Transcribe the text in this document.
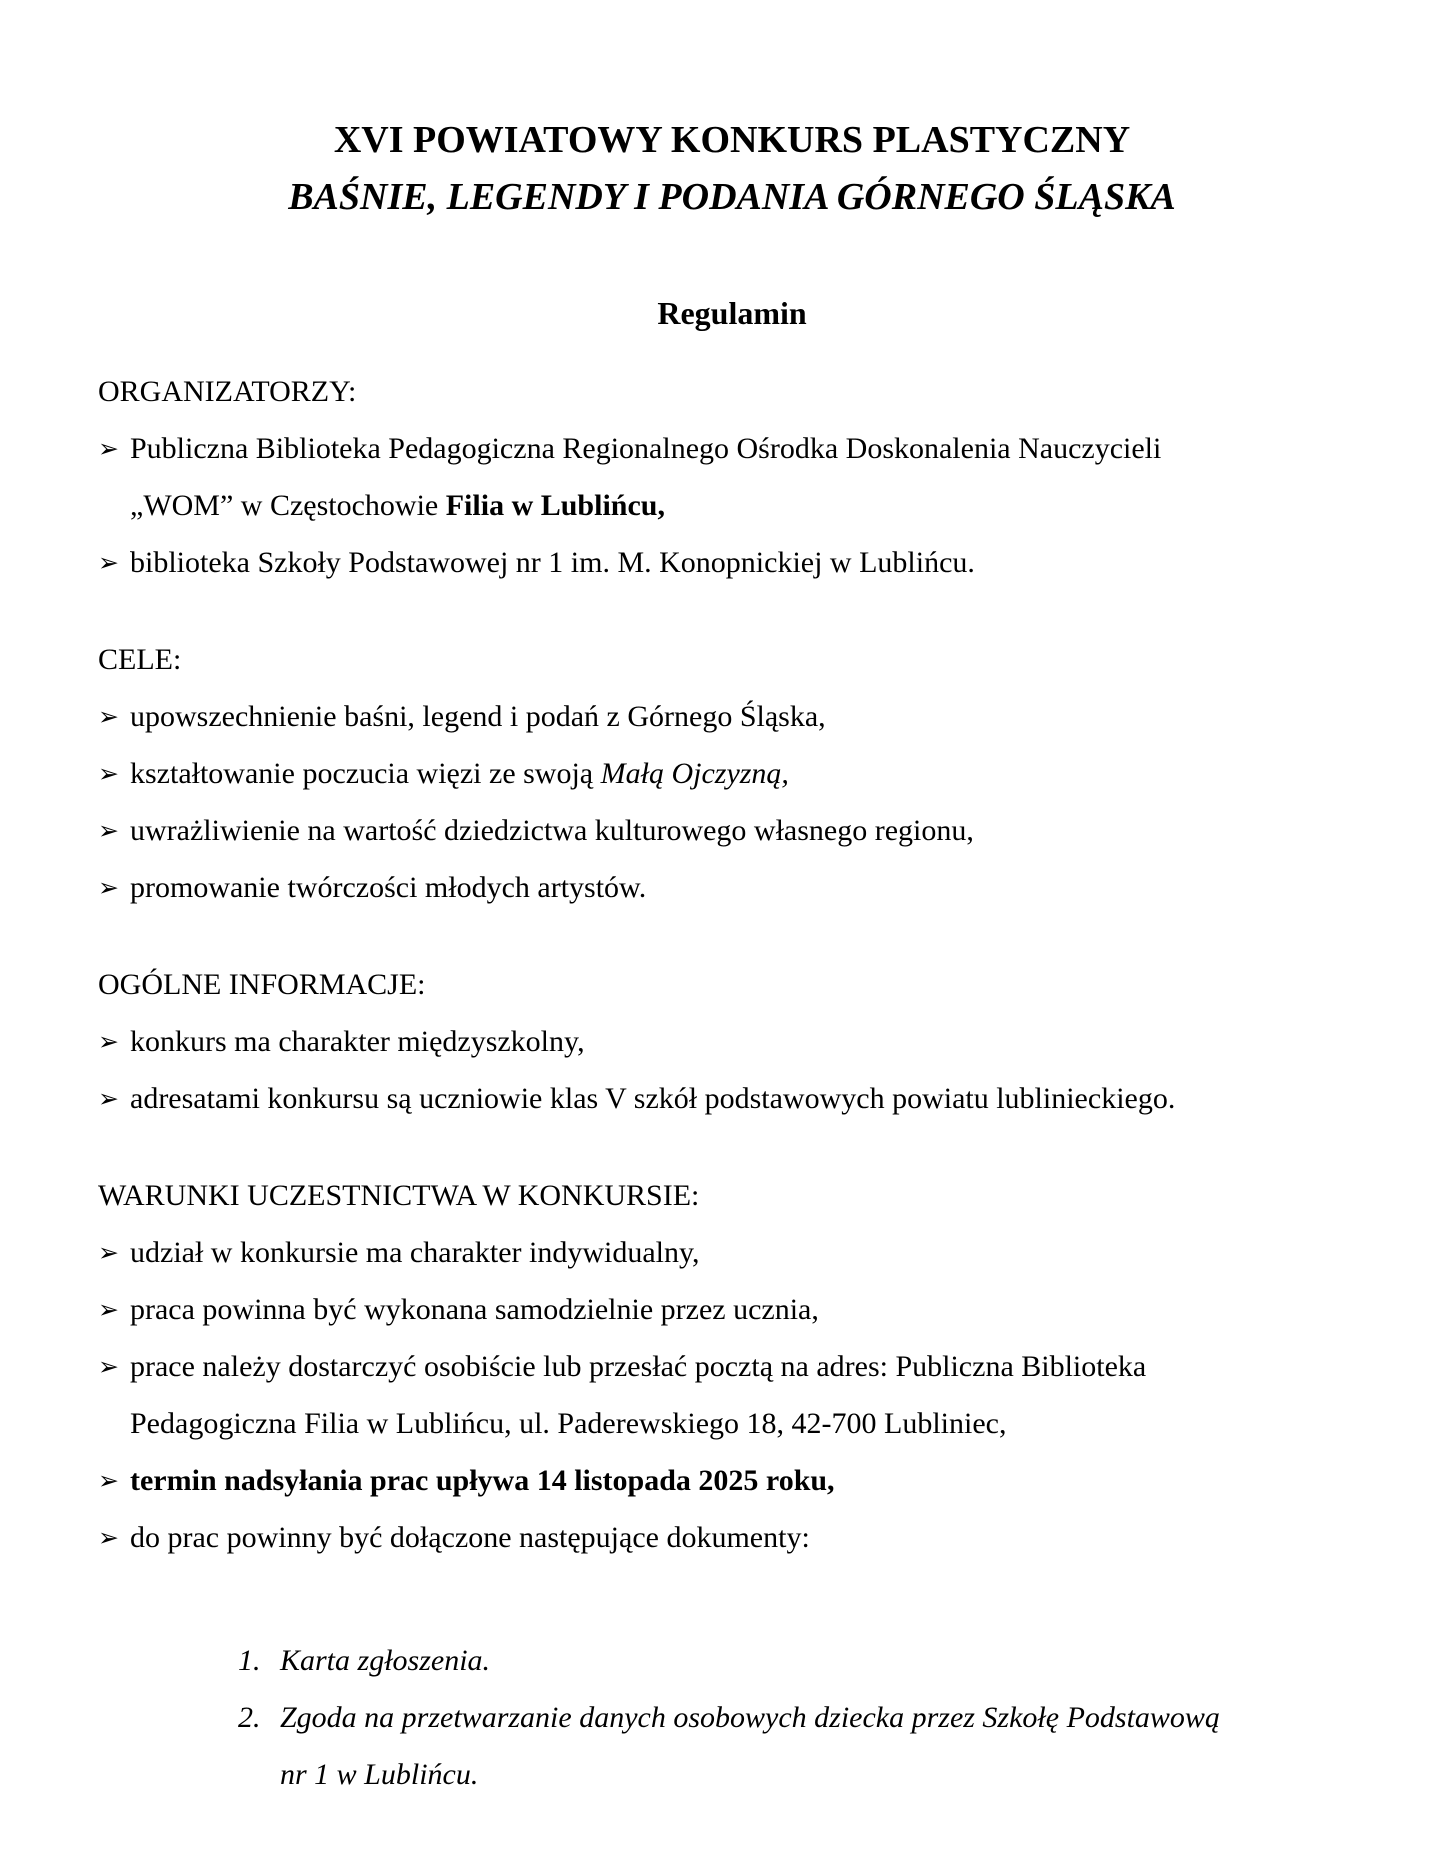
XVI POWIATOWY KONKURS PLASTYCZNY
BAŚNIE, LEGENDY I PODANIA GÓRNEGO ŚLĄSKA
Regulamin
ORGANIZATORZY:
➢ Publiczna Biblioteka Pedagogiczna Regionalnego Ośrodka Doskonalenia Nauczycieli
„WOM” w Częstochowie Filia w Lublińcu,
➢ biblioteka Szkoły Podstawowej nr 1 im. M. Konopnickiej w Lublińcu.
CELE:
➢ upowszechnienie baśni, legend i podań z Górnego Śląska,
➢ kształtowanie poczucia więzi ze swoją Małą Ojczyzną,
➢ uwrażliwienie na wartość dziedzictwa kulturowego własnego regionu,
➢ promowanie twórczości młodych artystów.
OGÓLNE INFORMACJE:
➢ konkurs ma charakter międzyszkolny,
➢ adresatami konkursu są uczniowie klas V szkół podstawowych powiatu lublinieckiego.
WARUNKI UCZESTNICTWA W KONKURSIE:
➢ udział w konkursie ma charakter indywidualny,
➢ praca powinna być wykonana samodzielnie przez ucznia,
➢ prace należy dostarczyć osobiście lub przesłać pocztą na adres: Publiczna Biblioteka
Pedagogiczna Filia w Lublińcu, ul. Paderewskiego 18, 42-700 Lubliniec,
➢ termin nadsyłania prac upływa 14 listopada 2025 roku,
➢ do prac powinny być dołączone następujące dokumenty:
1. Karta zgłoszenia.
2. Zgoda na przetwarzanie danych osobowych dziecka przez Szkołę Podstawową
nr 1 w Lublińcu.
